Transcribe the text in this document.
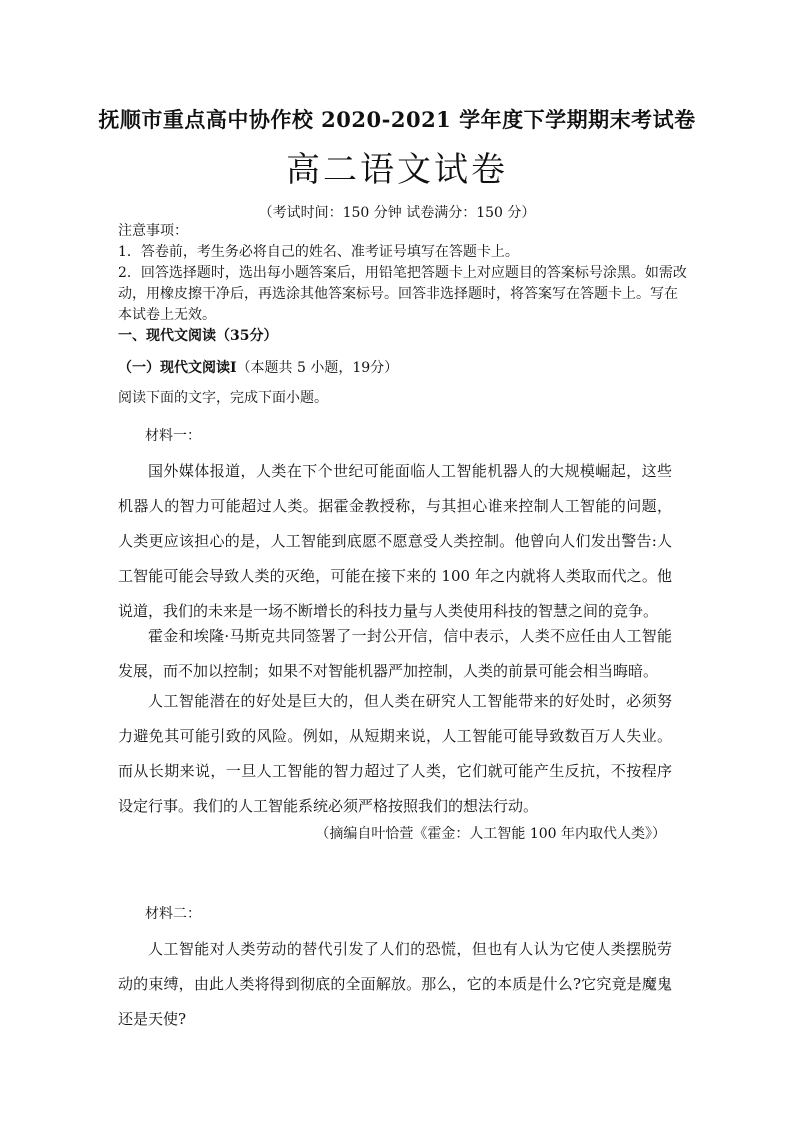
抚顺市重点高中协作校 2020-2021 学年度下学期期末考试卷
高二语文试卷
（考试时间：150 分钟 试卷满分：150 分）
注意事项：
1．答卷前，考生务必将自己的姓名、准考证号填写在答题卡上。
2．回答选择题时，选出每小题答案后，用铅笔把答题卡上对应题目的答案标号涂黑。如需改动，用橡皮擦干净后，再选涂其他答案标号。回答非选择题时，将答案写在答题卡上。写在本试卷上无效。
一、现代文阅读（35分）
（一）现代文阅读Ⅰ（本题共 5 小题，19分）
阅读下面的文字，完成下面小题。
材料一：
国外媒体报道，人类在下个世纪可能面临人工智能机器人的大规模崛起，这些机器人的智力可能超过人类。据霍金教授称，与其担心谁来控制人工智能的问题，人类更应该担心的是，人工智能到底愿不愿意受人类控制。他曾向人们发出警告:人工智能可能会导致人类的灭绝，可能在接下来的 100 年之内就将人类取而代之。他说道，我们的未来是一场不断增长的科技力量与人类使用科技的智慧之间的竞争。
霍金和埃隆·马斯克共同签署了一封公开信，信中表示，人类不应任由人工智能发展，而不加以控制；如果不对智能机器严加控制，人类的前景可能会相当晦暗。
人工智能潜在的好处是巨大的，但人类在研究人工智能带来的好处时，必须努力避免其可能引致的风险。例如，从短期来说，人工智能可能导致数百万人失业。而从长期来说，一旦人工智能的智力超过了人类，它们就可能产生反抗，不按程序设定行事。我们的人工智能系统必须严格按照我们的想法行动。
（摘编自叶恰萱《霍金：人工智能 100 年内取代人类》）
材料二：
人工智能对人类劳动的替代引发了人们的恐慌，但也有人认为它使人类摆脱劳动的束缚，由此人类将得到彻底的全面解放。那么，它的本质是什么?它究竟是魔鬼还是天使?
